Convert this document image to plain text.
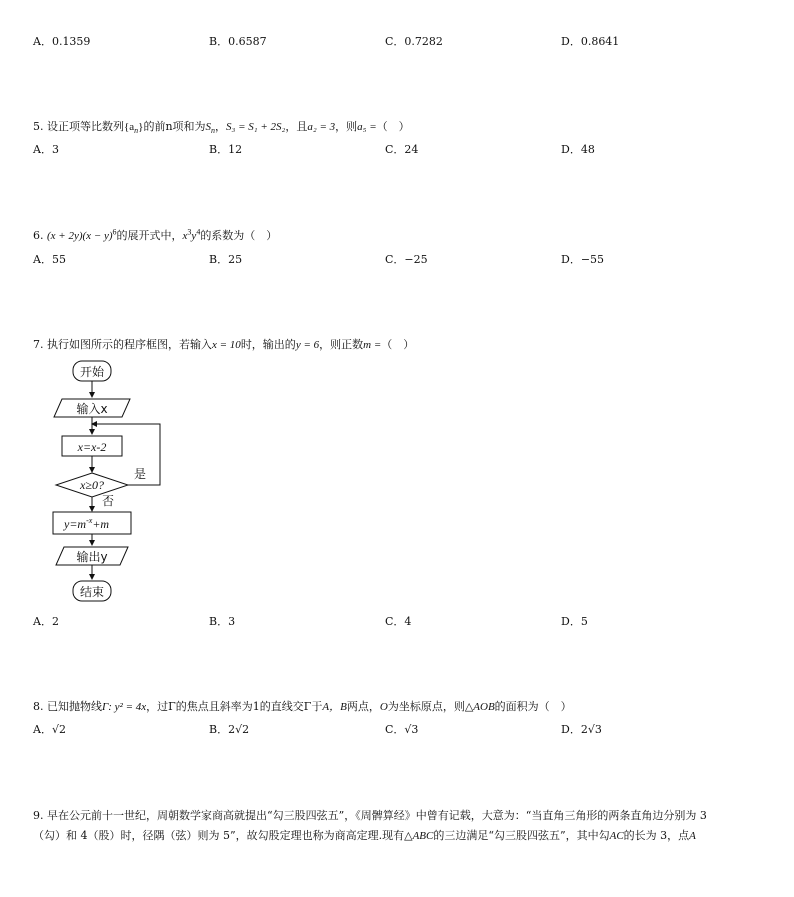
A．0.1359	B．0.6587	C．0.7282	D．0.8641
5. 设正项等比数列$\{a_n\}$的前n项和为$S_n$，S₃ = S₁ + 2S₂，且a₂ = 3，则a₅ =（　）
A．3	B．12	C．24	D．48
6. $(x + 2y)(x - y)^6$的展开式中，$x^3y^4$的系数为（　）
A．55	B．25	C．−25	D．−55
7. 执行如图所示的程序框图，若输入x = 10时，输出的y = 6，则正数m =（　）
开始
输入x
x=x-2
x≥0?
是
否
$y=m^{-x}+m$
输出y
结束
A．2	B．3	C．4	D．5
8. 已知抛物线Γ: y² = 4x，过Γ的焦点且斜率为1的直线交Γ于A，B两点，O为坐标原点，则△AOB的面积为（　）
A．√2	B．2√2	C．√3	D．2√3
9. 早在公元前十一世纪，周朝数学家商高就提出“勾三股四弦五”，《周髀算经》中曾有记载，大意为：“当直角三角形的两条直角边分别为 3
（勾）和 4（股）时，径隅（弦）则为 5”，故勾股定理也称为商高定理.现有△ABC的三边满足“勾三股四弦五”，其中勾AC的长为 3，点A
